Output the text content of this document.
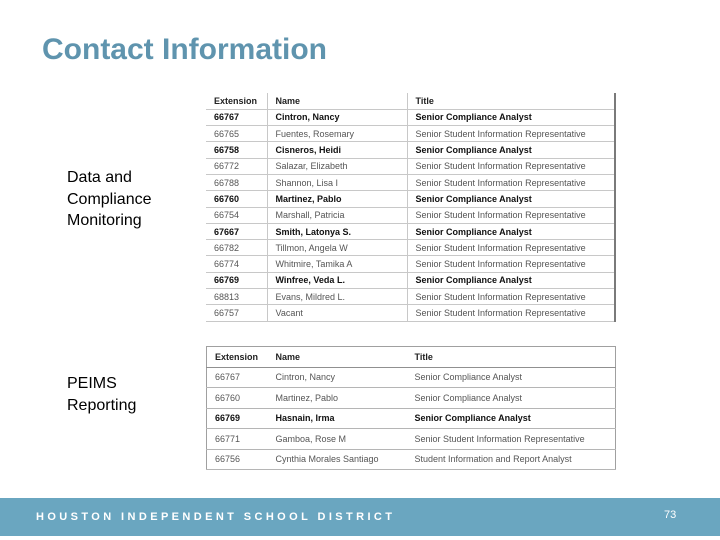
Contact Information
Data and
Compliance
Monitoring
PEIMS
Reporting
Extension	Name	Title
66767	Cintron, Nancy	Senior Compliance Analyst
66765	Fuentes, Rosemary	Senior Student Information Representative
66758	Cisneros, Heidi	Senior Compliance Analyst
66772	Salazar, Elizabeth	Senior Student Information Representative
66788	Shannon, Lisa I	Senior Student Information Representative
66760	Martinez, Pablo	Senior Compliance Analyst
66754	Marshall, Patricia	Senior Student Information Representative
67667	Smith, Latonya S.	Senior Compliance Analyst
66782	Tillmon, Angela W	Senior Student Information Representative
66774	Whitmire, Tamika A	Senior Student Information Representative
66769	Winfree, Veda L.	Senior Compliance Analyst
68813	Evans, Mildred L.	Senior Student Information Representative
66757	Vacant	Senior Student Information Representative
Extension	Name	Title
66767	Cintron, Nancy	Senior Compliance Analyst
66760	Martinez, Pablo	Senior Compliance Analyst
66769	Hasnain, Irma	Senior Compliance Analyst
66771	Gamboa, Rose M	Senior Student Information Representative
66756	Cynthia Morales Santiago	Student Information and Report Analyst
HOUSTON INDEPENDENT SCHOOL DISTRICT	73
